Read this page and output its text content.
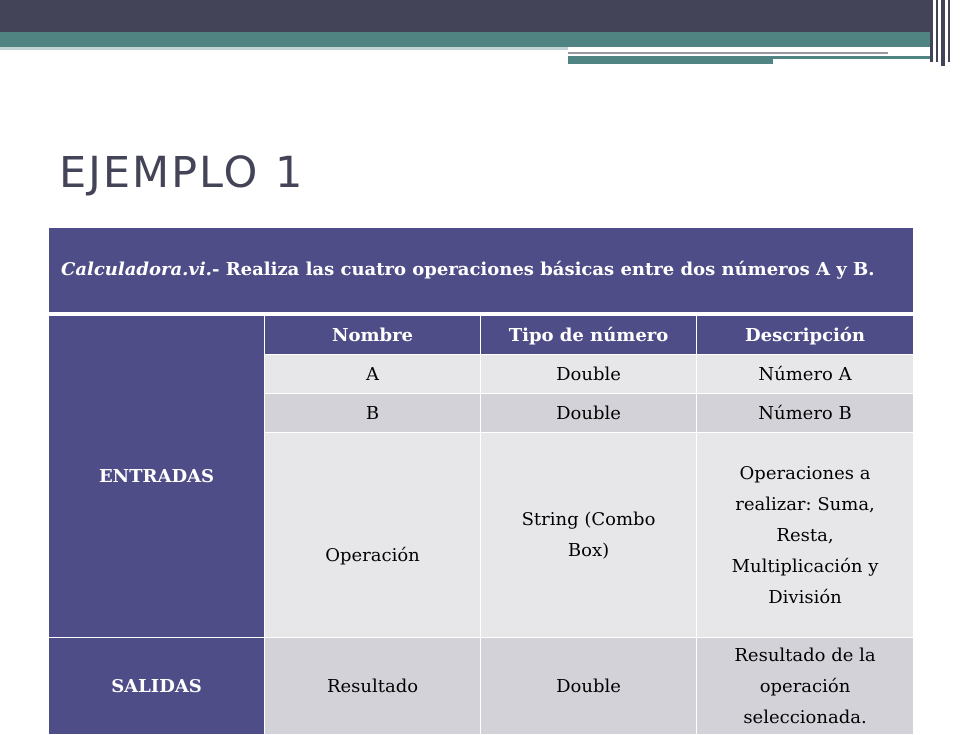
EJEMPLO 1
Calculadora.vi.- Realiza las cuatro operaciones básicas entre dos números A y B.			
ENTRADAS	Nombre	Tipo de número	Descripción
	A	Double	Número A
	B	Double	Número B
	Operación	String (Combo Box)	Operaciones a realizar: Suma, Resta, Multiplicación y División
SALIDAS	Resultado	Double	Resultado de la operación seleccionada.
